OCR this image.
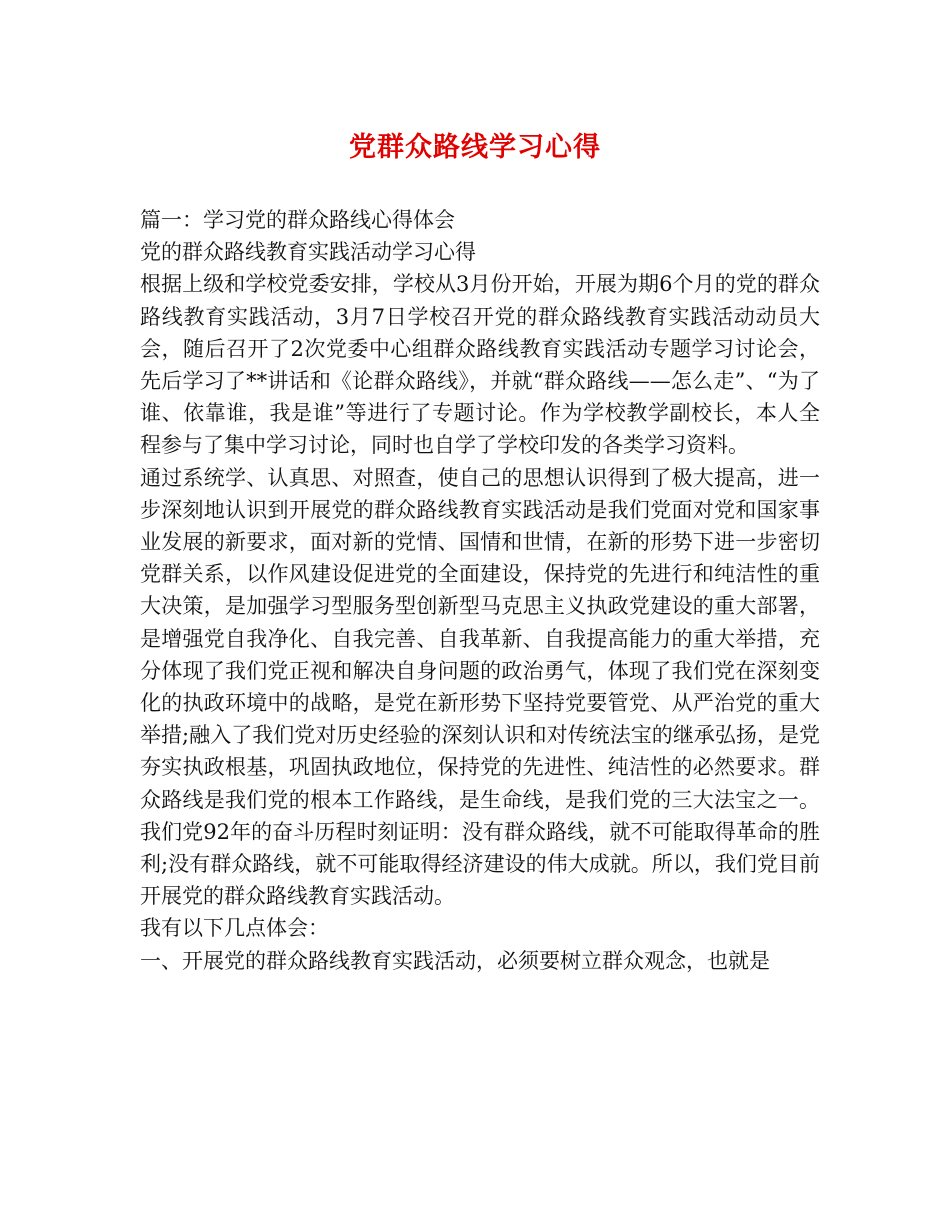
党群众路线学习心得

篇一：学习党的群众路线心得体会

党的群众路线教育实践活动学习心得

根据上级和学校党委安排，学校从3月份开始，开展为期6个月的党的群众路线教育实践活动，3月7日学校召开党的群众路线教育实践活动动员大会，随后召开了2次党委中心组群众路线教育实践活动专题学习讨论会，先后学习了**讲话和《论群众路线》，并就“群众路线——怎么走”、“为了谁、依靠谁，我是谁”等进行了专题讨论。作为学校教学副校长，本人全程参与了集中学习讨论，同时也自学了学校印发的各类学习资料。

通过系统学、认真思、对照查，使自己的思想认识得到了极大提高，进一步深刻地认识到开展党的群众路线教育实践活动是我们党面对党和国家事业发展的新要求，面对新的党情、国情和世情，在新的形势下进一步密切党群关系，以作风建设促进党的全面建设，保持党的先进行和纯洁性的重大决策，是加强学习型服务型创新型马克思主义执政党建设的重大部署，是增强党自我净化、自我完善、自我革新、自我提高能力的重大举措，充分体现了我们党正视和解决自身问题的政治勇气，体现了我们党在深刻变化的执政环境中的战略，是党在新形势下坚持党要管党、从严治党的重大举措;融入了我们党对历史经验的深刻认识和对传统法宝的继承弘扬，是党夯实执政根基，巩固执政地位，保持党的先进性、纯洁性的必然要求。群众路线是我们党的根本工作路线，是生命线，是我们党的三大法宝之一。我们党92年的奋斗历程时刻证明：没有群众路线，就不可能取得革命的胜利;没有群众路线，就不可能取得经济建设的伟大成就。所以，我们党目前开展党的群众路线教育实践活动。

我有以下几点体会：

一、开展党的群众路线教育实践活动，必须要树立群众观念，也就是
